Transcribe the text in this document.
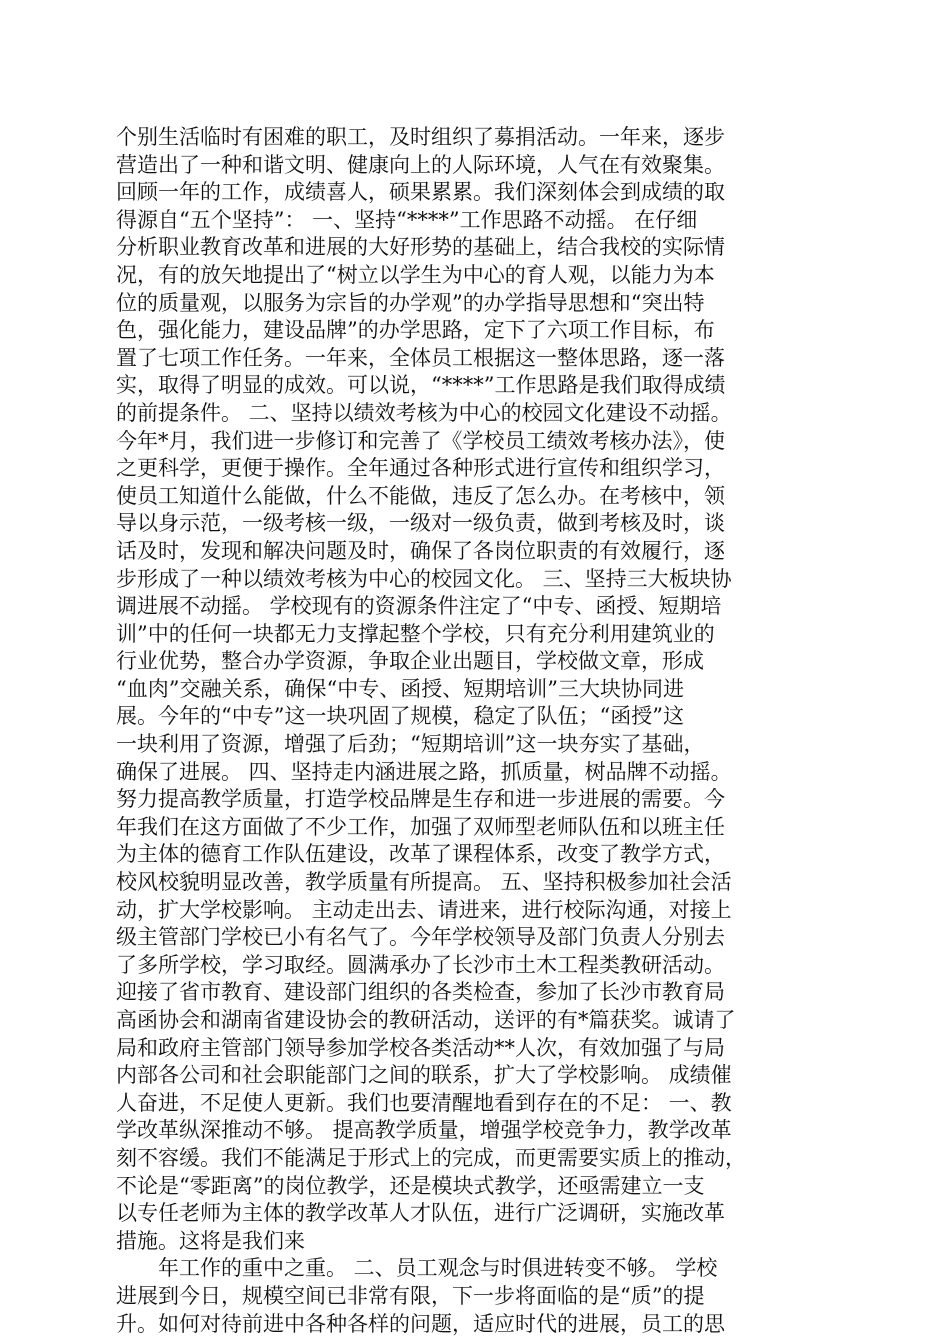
个别生活临时有困难的职工，及时组织了募捐活动。一年来，逐步
营造出了一种和谐文明、健康向上的人际环境，人气在有效聚集。
回顾一年的工作，成绩喜人，硕果累累。我们深刻体会到成绩的取
得源自“五个坚持”： 一、坚持“****”工作思路不动摇。 在仔细
分析职业教育改革和进展的大好形势的基础上，结合我校的实际情
况，有的放矢地提出了“树立以学生为中心的育人观，以能力为本
位的质量观，以服务为宗旨的办学观”的办学指导思想和“突出特
色，强化能力，建设品牌”的办学思路，定下了六项工作目标，布
置了七项工作任务。一年来，全体员工根据这一整体思路，逐一落
实，取得了明显的成效。可以说，“****”工作思路是我们取得成绩
的前提条件。 二、坚持以绩效考核为中心的校园文化建设不动摇。
今年*月，我们进一步修订和完善了《学校员工绩效考核办法》，使
之更科学，更便于操作。全年通过各种形式进行宣传和组织学习，
使员工知道什么能做，什么不能做，违反了怎么办。在考核中，领
导以身示范，一级考核一级，一级对一级负责，做到考核及时，谈
话及时，发现和解决问题及时，确保了各岗位职责的有效履行，逐
步形成了一种以绩效考核为中心的校园文化。 三、坚持三大板块协
调进展不动摇。 学校现有的资源条件注定了“中专、函授、短期培
训”中的任何一块都无力支撑起整个学校，只有充分利用建筑业的
行业优势，整合办学资源，争取企业出题目，学校做文章，形成
“血肉”交融关系，确保“中专、函授、短期培训”三大块协同进
展。今年的“中专”这一块巩固了规模，稳定了队伍；“函授”这
一块利用了资源，增强了后劲；“短期培训”这一块夯实了基础，
确保了进展。 四、坚持走内涵进展之路，抓质量，树品牌不动摇。
努力提高教学质量，打造学校品牌是生存和进一步进展的需要。今
年我们在这方面做了不少工作，加强了双师型老师队伍和以班主任
为主体的德育工作队伍建设，改革了课程体系，改变了教学方式，
校风校貌明显改善，教学质量有所提高。 五、坚持积极参加社会活
动，扩大学校影响。 主动走出去、请进来，进行校际沟通，对接上
级主管部门学校已小有名气了。今年学校领导及部门负责人分别去
了多所学校，学习取经。圆满承办了长沙市土木工程类教研活动。
迎接了省市教育、建设部门组织的各类检查，参加了长沙市教育局
高函协会和湖南省建设协会的教研活动，送评的有*篇获奖。诚请了
局和政府主管部门领导参加学校各类活动**人次，有效加强了与局
内部各公司和社会职能部门之间的联系，扩大了学校影响。 成绩催
人奋进，不足使人更新。我们也要清醒地看到存在的不足： 一、教
学改革纵深推动不够。 提高教学质量，增强学校竞争力，教学改革
刻不容缓。我们不能满足于形式上的完成，而更需要实质上的推动，
不论是“零距离”的岗位教学，还是模块式教学，还亟需建立一支
以专任老师为主体的教学改革人才队伍，进行广泛调研，实施改革
措施。这将是我们来
年工作的重中之重。 二、员工观念与时俱进转变不够。 学校
进展到今日，规模空间已非常有限，下一步将面临的是“质”的提
升。如何对待前进中各种各样的问题，适应时代的进展，员工的思
